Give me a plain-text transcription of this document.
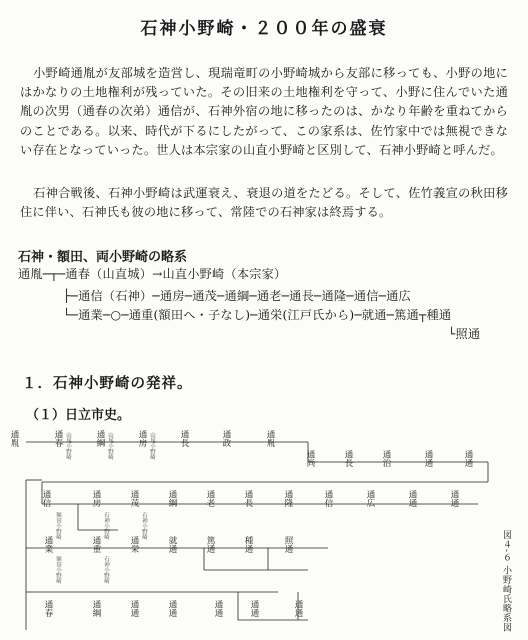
石神小野崎・２００年の盛衰
小野崎通胤が友部城を造営し、現瑞竜町の小野崎城から友部に移っても、小野の地にはかなりの土地権利が残っていた。その旧来の土地権利を守って、小野に住んでいた通胤の次男（通春の次弟）通信が、石神外宿の地に移ったのは、かなり年齢を重ねてからのことである。以来、時代が下るにしたがって、この家系は、佐竹家中では無視できない存在となっていった。世人は本宗家の山直小野崎と区別して、石神小野崎と呼んだ。
石神合戦後、石神小野崎は武運衰え、衰退の道をたどる。そして、佐竹義宣の秋田移住に伴い、石神氏も彼の地に移って、常陸での石神家は終焉する。
石神・額田、両小野崎の略系
通胤─┬─通春（山直城）→山直小野崎（本宗家）
├─通信（石神）─通房─通茂─通綱─通老─通長─通隆─通信─通広
└─通業─○─通重(額田へ・子なし)─通栄(江戸氏から)─就通─篤通┬種通
└照通
１．石神小野崎の発祥。
（１）日立市史。
通胤	通春	通綱	通房	通長	通政	通胤
通尚	通長	通治	通通	通通
通信	通房	通茂	通綱	通老	通長	通隆	通信	通広	通通	通通
通業	通重	通栄	就通	篤通	種通	照通
通春	通綱	通通	通通	通通	通通	通通
山尾小野崎	山尾小野崎	山尾小野崎
額田小野崎	石神小野崎	石神小野崎
額田小野崎	石神小野崎	図４-６ 小野崎氏略系図
